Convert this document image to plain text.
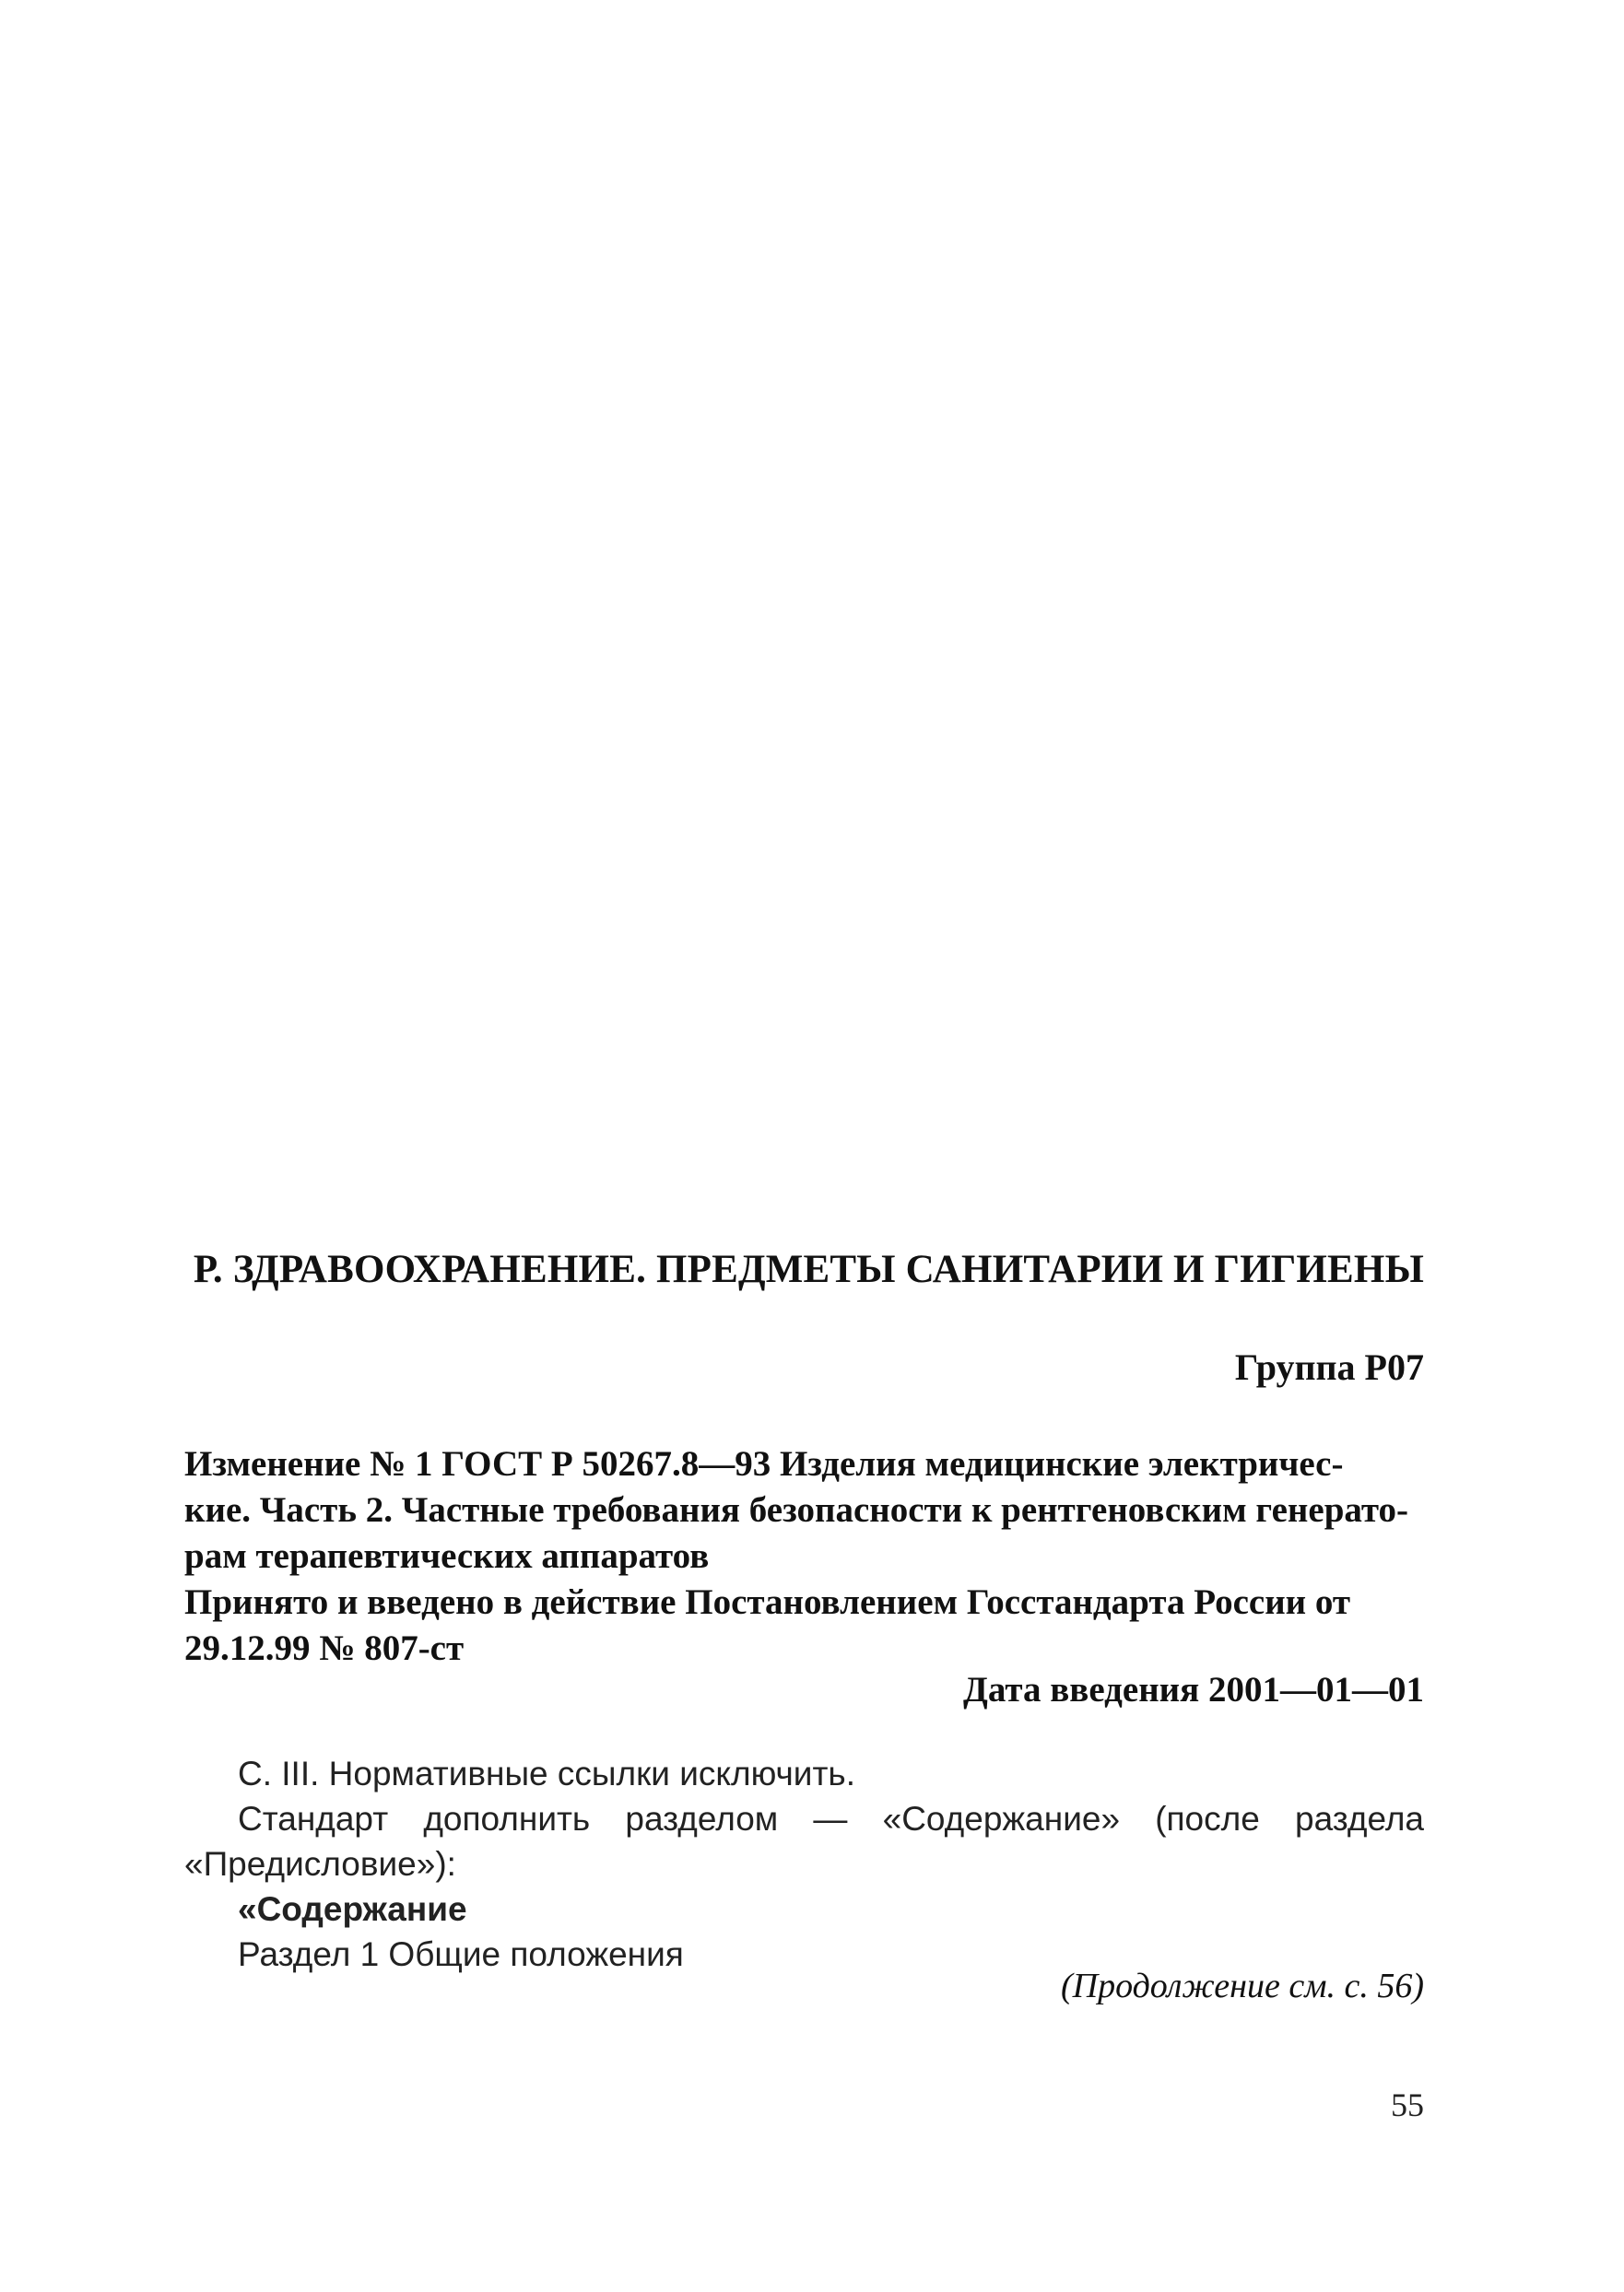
Р. ЗДРАВООХРАНЕНИЕ. ПРЕДМЕТЫ САНИТАРИИ И ГИГИЕНЫ
Группа Р07

Изменение № 1 ГОСТ Р 50267.8—93 Изделия медицинские электричес-

кие. Часть 2. Частные требования безопасности к рентгеновским генерато-

рам терапевтических аппаратов

Принято и введено в действие Постановлением Госстандарта России от

29.12.99 № 807-ст

Дата введения 2001—01—01

С. III. Нормативные ссылки исключить.

Стандарт дополнить разделом — «Содержание» (после раздела «Предисловие»):

«Содержание

Раздел 1 Общие положения

(Продолжение см. с. 56)
55
